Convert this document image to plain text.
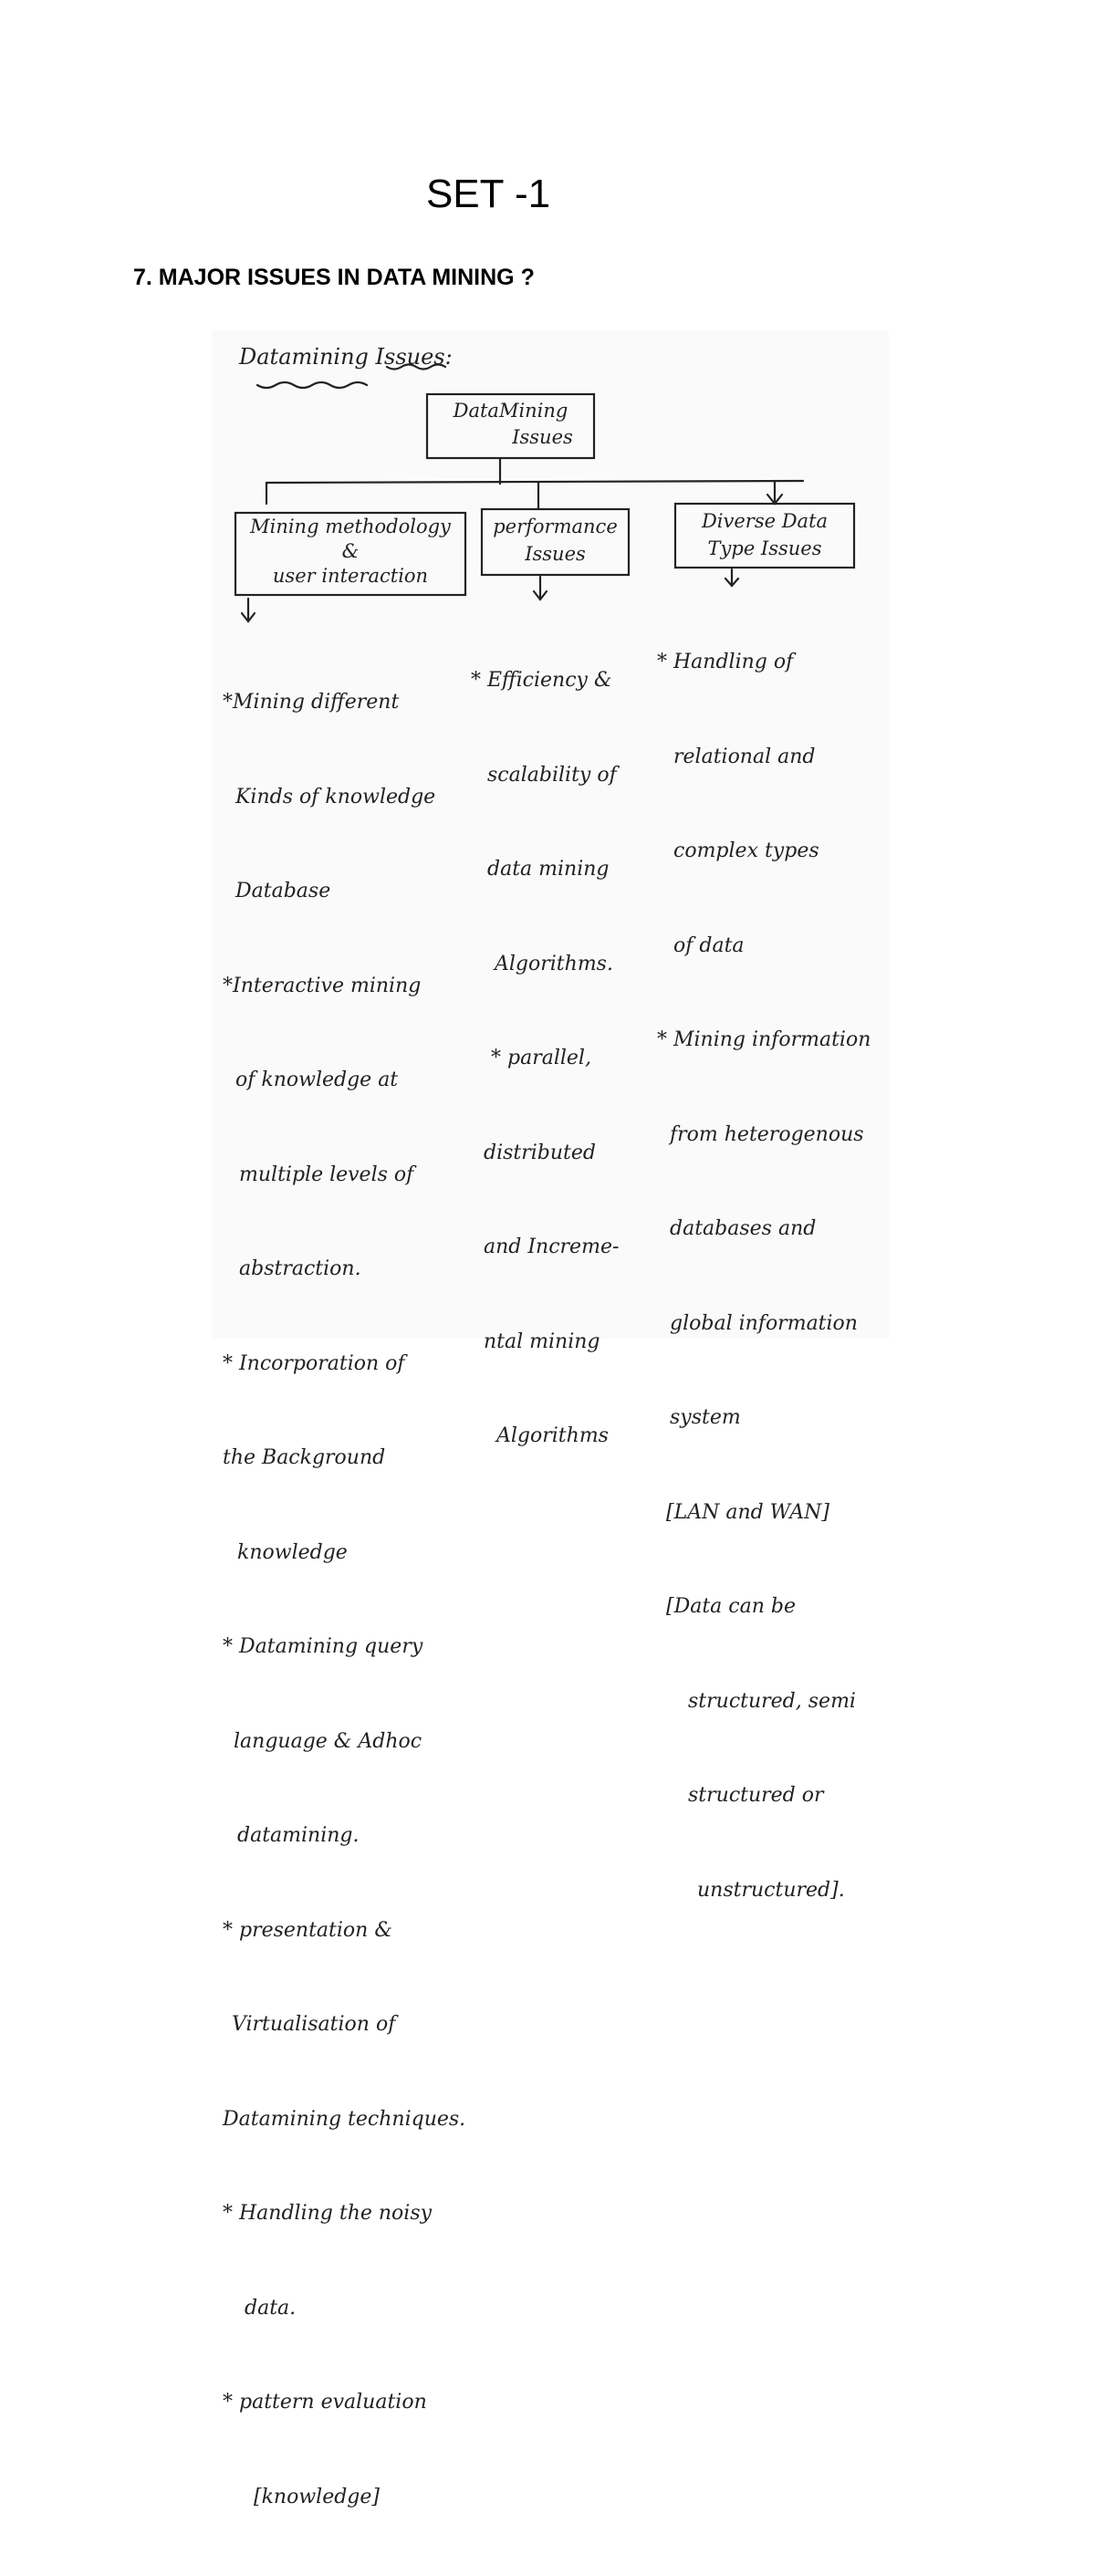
SET -1
7. MAJOR ISSUES IN DATA MINING ?
Datamining Issues:
DataMining
Issues
Mining methodology
&
user interaction
performance
Issues
Diverse Data
Type Issues

*Mining different

Kinds of knowledge

Database

*Interactive mining

of knowledge at

multiple levels of

abstraction.

* Incorporation of

the Background

knowledge

* Datamining query

language & Adhoc

datamining.

* presentation &

Virtualisation of

Datamining techniques.

* Handling the noisy

data.

* pattern evaluation

[knowledge]

* Efficiency &

scalability of

data mining

Algorithms.

* parallel,

distributed

and Increme-

ntal mining

Algorithms

* Handling of

relational and

complex types

of data

* Mining information

from heterogenous

databases and

global information

system

[LAN and WAN]

[Data can be

structured, semi

structured or

unstructured].
